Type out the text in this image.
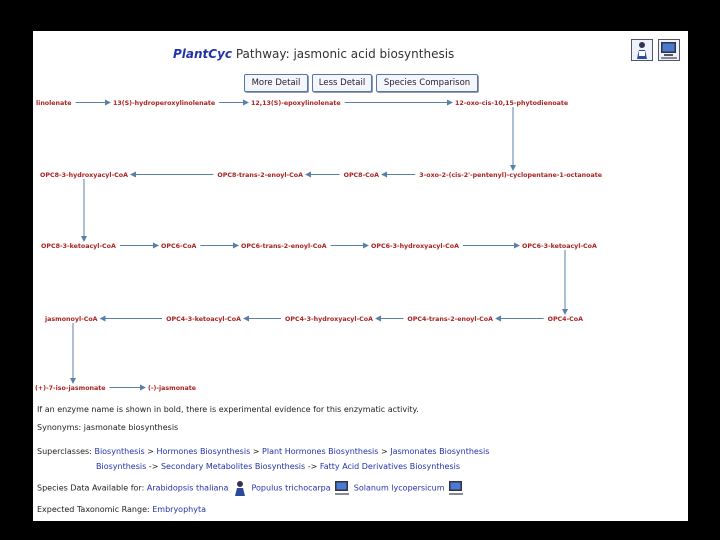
PlantCyc Pathway: jasmonic acid biosynthesis
More Detail	Less Detail	Species Comparison
linolenate	13(S)-hydroperoxylinolenate	12,13(S)-epoxylinolenate	12-oxo-cis-10,15-phytodienoate
3-oxo-2-(cis-2'-pentenyl)-cyclopentane-1-octanoate
OPC8-CoA
OPC8-trans-2-enoyl-CoA
OPC8-3-hydroxyacyl-CoA
OPC8-3-ketoacyl-CoA	OPC6-CoA	OPC6-trans-2-enoyl-CoA	OPC6-3-hydroxyacyl-CoA	OPC6-3-ketoacyl-CoA
OPC4-CoA
OPC4-trans-2-enoyl-CoA
OPC4-3-hydroxyacyl-CoA
OPC4-3-ketoacyl-CoA
jasmonoyl-CoA
(+)-7-iso-jasmonate	(-)-jasmonate
If an enzyme name is shown in bold, there is experimental evidence for this enzymatic activity.
Synonyms: jasmonate biosynthesis
Superclasses: Biosynthesis > Hormones Biosynthesis > Plant Hormones Biosynthesis > Jasmonates Biosynthesis
Biosynthesis -> Secondary Metabolites Biosynthesis -> Fatty Acid Derivatives Biosynthesis
Species Data Available for: Arabidopsis thaliana	Populus trichocarpa	Solanum lycopersicum
Expected Taxonomic Range: Embryophyta
